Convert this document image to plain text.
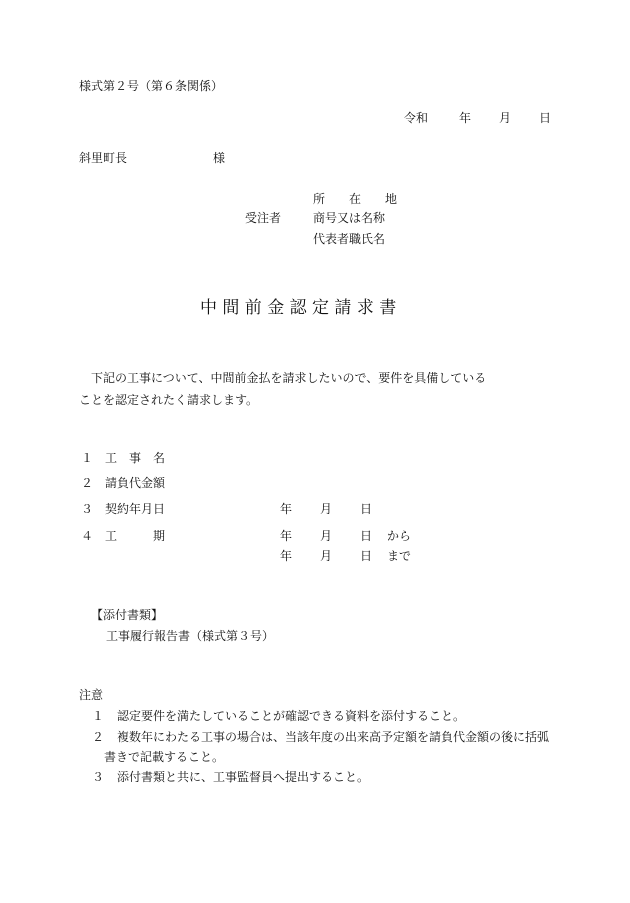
様式第２号（第６条関係）
令和	年 月 日
斜里町長	様
所　　在　　地
受注者	商号又は名称
代表者職氏名
中 間 前 金 認 定 請 求 書
下記の工事について、中間前金払を請求したいので、要件を具備している
ことを認定されたく請求します。
１ 工　事　名
２ 請負代金額
３ 契約年月日	年 月 日
４ 工　　　期	年 月 日 から
年 月 日 まで
【添付書類】
工事履行報告書（様式第３号）
注意
１ 認定要件を満たしていることが確認できる資料を添付すること。
２ 複数年にわたる工事の場合は、当該年度の出来高予定額を請負代金額の後に括弧
書きで記載すること。
３ 添付書類と共に、工事監督員へ提出すること。
